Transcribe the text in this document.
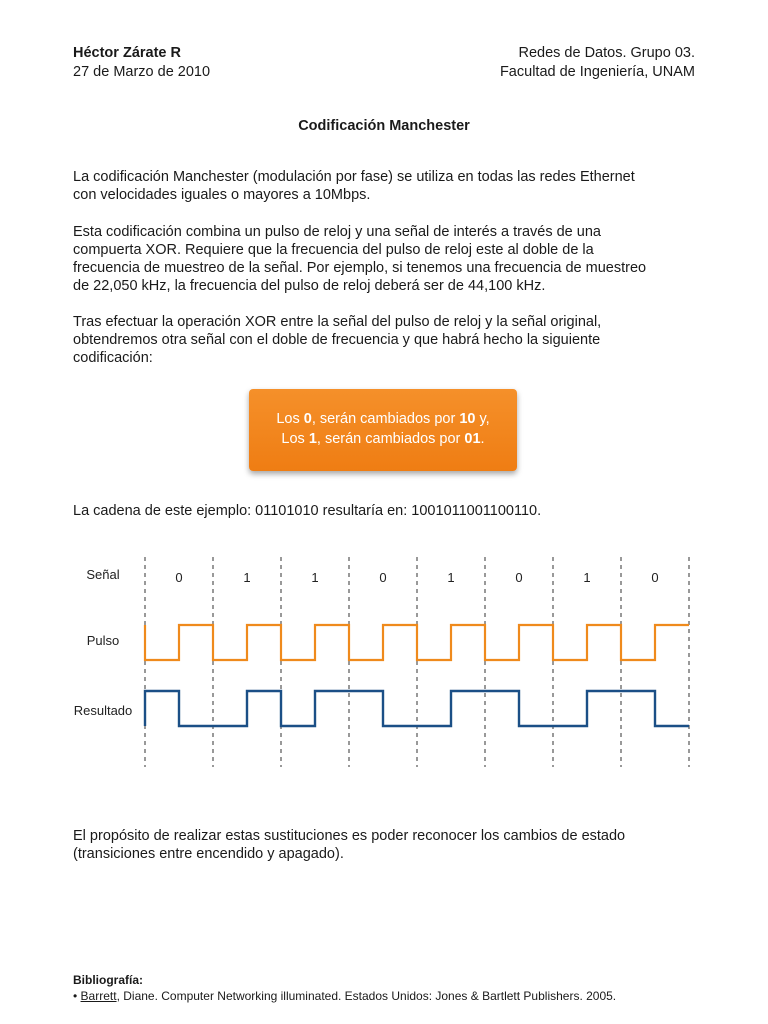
Héctor Zárate R
27 de Marzo de 2010
Redes de Datos. Grupo 03.
Facultad de Ingeniería, UNAM
Codificación Manchester

La codificación Manchester (modulación por fase) se utiliza en todas las redes Ethernet

con velocidades iguales o mayores a 10Mbps.

Esta codificación combina un pulso de reloj y una señal de interés a través de una

compuerta XOR. Requiere que la frecuencia del pulso de reloj este al doble de la

frecuencia de muestreo de la señal. Por ejemplo, si tenemos una frecuencia de muestreo

de 22,050 kHz, la frecuencia del pulso de reloj deberá ser de 44,100 kHz.

Tras efectuar la operación XOR entre la señal del pulso de reloj y la señal original,

obtendremos otra señal con el doble de frecuencia y que habrá hecho la siguiente

codificación:

Los 0, serán cambiados por 10 y,
Los 1, serán cambiados por 01.
La cadena de este ejemplo: 01101010 resultaría en: 1001011001100110.
Señal
Pulso
Resultado
0	1	1	0	1	0	1	0

El propósito de realizar estas sustituciones es poder reconocer los cambios de estado

(transiciones entre encendido y apagado).

Bibliografía:
• Barrett, Diane. Computer Networking illuminated. Estados Unidos: Jones & Bartlett Publishers. 2005.
